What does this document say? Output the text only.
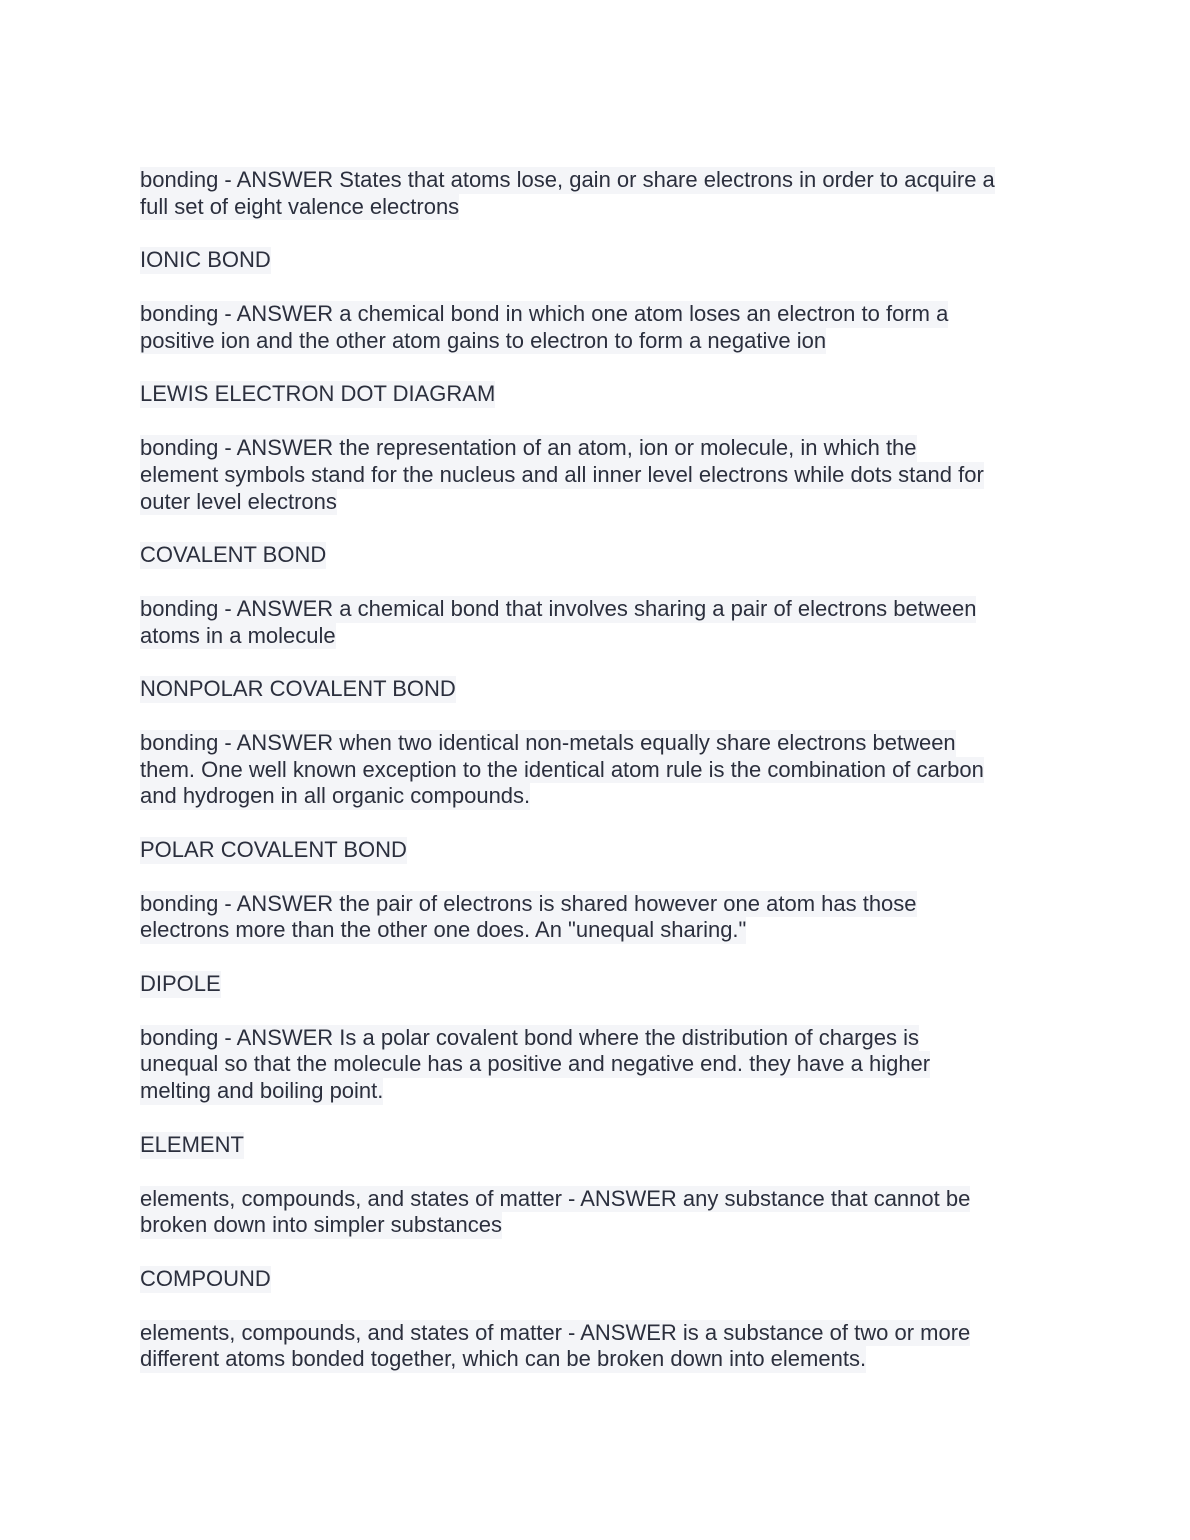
bonding - ANSWER States that atoms lose, gain or share electrons in order to acquire a
full set of eight valence electrons
IONIC BOND
bonding - ANSWER a chemical bond in which one atom loses an electron to form a
positive ion and the other atom gains to electron to form a negative ion
LEWIS ELECTRON DOT DIAGRAM
bonding - ANSWER the representation of an atom, ion or molecule, in which the
element symbols stand for the nucleus and all inner level electrons while dots stand for
outer level electrons
COVALENT BOND
bonding - ANSWER a chemical bond that involves sharing a pair of electrons between
atoms in a molecule
NONPOLAR COVALENT BOND
bonding - ANSWER when two identical non-metals equally share electrons between
them. One well known exception to the identical atom rule is the combination of carbon
and hydrogen in all organic compounds.
POLAR COVALENT BOND
bonding - ANSWER the pair of electrons is shared however one atom has those
electrons more than the other one does. An "unequal sharing."
DIPOLE
bonding - ANSWER Is a polar covalent bond where the distribution of charges is
unequal so that the molecule has a positive and negative end. they have a higher
melting and boiling point.
ELEMENT
elements, compounds, and states of matter - ANSWER any substance that cannot be
broken down into simpler substances
COMPOUND
elements, compounds, and states of matter - ANSWER is a substance of two or more
different atoms bonded together, which can be broken down into elements.
